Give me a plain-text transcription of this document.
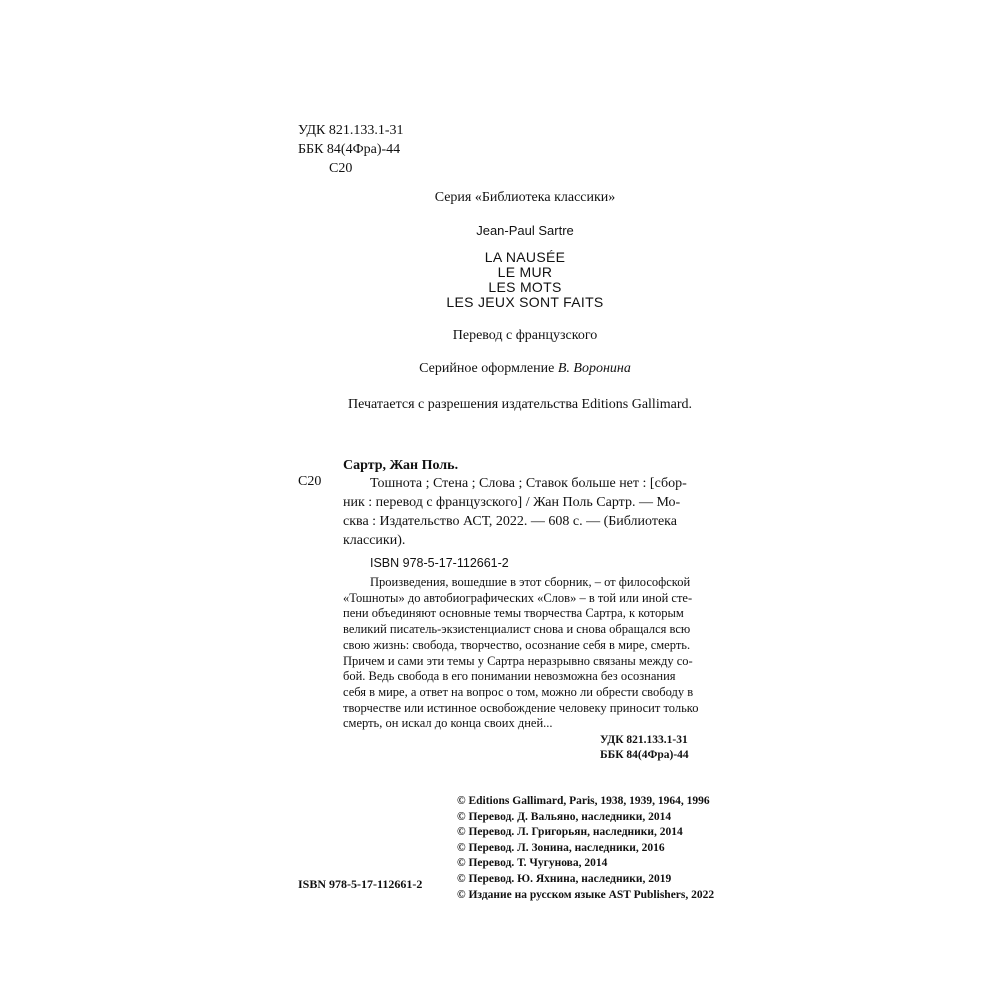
УДК 821.133.1-31
ББК 84(4Фра)-44
С20
Серия «Библиотека классики»
Jean-Paul Sartre
LA NAUSÉE
LE MUR
LES MOTS
LES JEUX SONT FAITS
Перевод с французского
Серийное оформление В. Воронина
Печатается с разрешения издательства Editions Gallimard.
Сартр, Жан Поль.
С20	Тошнота ; Стена ; Слова ; Ставок больше нет : [сбор-
ник : перевод с французского] / Жан Поль Сартр. — Мо-
сква : Издательство АСТ, 2022. — 608 с. — (Библиотека
классики).
ISBN 978-5-17-112661-2

Произведения, вошедшие в этот сборник, – от философской

«Тошноты» до автобиографических «Слов» – в той или иной сте-

пени объединяют основные темы творчества Сартра, к которым

великий писатель-экзистенциалист снова и снова обращался всю

свою жизнь: свобода, творчество, осознание себя в мире, смерть.

Причем и сами эти темы у Сартра неразрывно связаны между со-

бой. Ведь свобода в его понимании невозможна без осознания

себя в мире, а ответ на вопрос о том, можно ли обрести свободу в

творчестве или истинное освобождение человеку приносит только

смерть, он искал до конца своих дней...

УДК 821.133.1-31
ББК 84(4Фра)-44
ISBN 978-5-17-112661-2
© Editions Gallimard, Paris, 1938, 1939, 1964, 1996
© Перевод. Д. Вальяно, наследники, 2014
© Перевод. Л. Григорьян, наследники, 2014
© Перевод. Л. Зонина, наследники, 2016
© Перевод. Т. Чугунова, 2014
© Перевод. Ю. Яхнина, наследники, 2019
© Издание на русском языке AST Publishers, 2022
